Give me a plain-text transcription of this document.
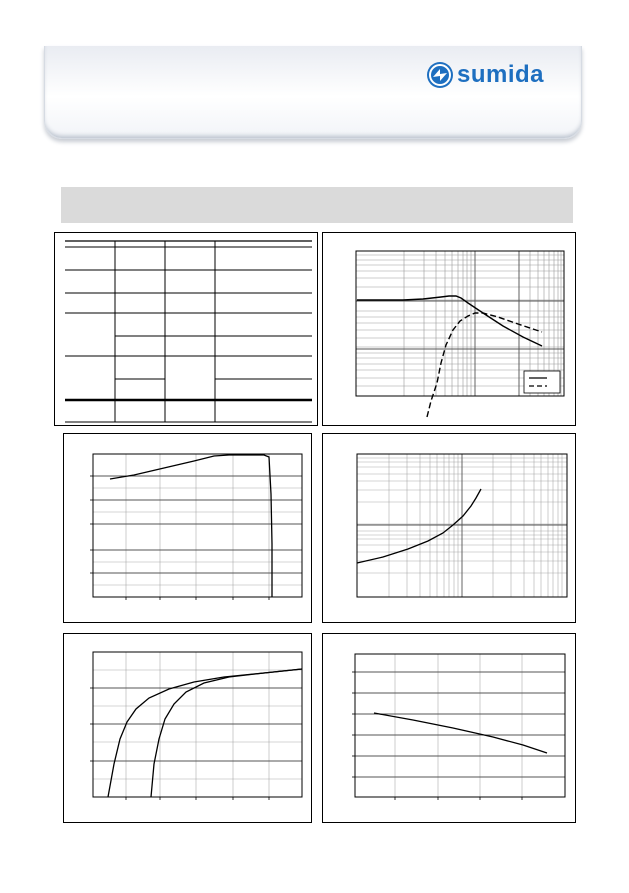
sumida
